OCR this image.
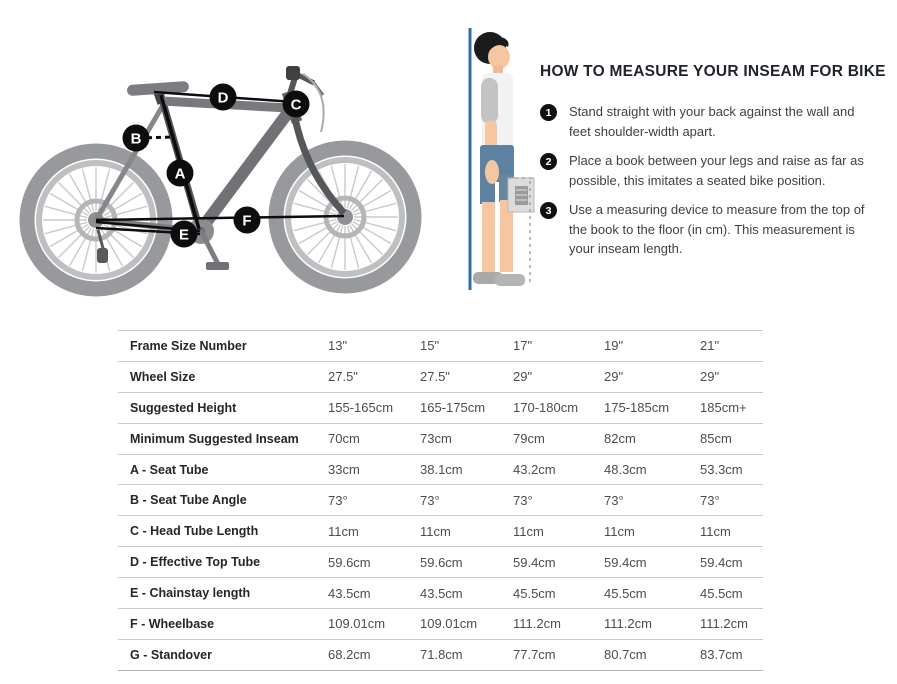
A
B
C
D
E
F
HOW TO MEASURE YOUR INSEAM FOR BIKE
1	Stand straight with your back against the wall and feet shoulder-width apart.
2	Place a book between your legs and raise as far as possible, this imitates a seated bike position.
3	Use a measuring device to measure from the top of the book to the floor (in cm). This measurement is your inseam length.
Frame Size Number	13"	15"	17"	19"	21"
Wheel Size	27.5"	27.5"	29"	29"	29"
Suggested Height	155-165cm	165-175cm	170-180cm	175-185cm	185cm+
Minimum Suggested Inseam	70cm	73cm	79cm	82cm	85cm
A - Seat Tube	33cm	38.1cm	43.2cm	48.3cm	53.3cm
B - Seat Tube Angle	73°	73°	73°	73°	73°
C - Head Tube Length	11cm	11cm	11cm	11cm	11cm
D - Effective Top Tube	59.6cm	59.6cm	59.4cm	59.4cm	59.4cm
E - Chainstay length	43.5cm	43.5cm	45.5cm	45.5cm	45.5cm
F - Wheelbase	109.01cm	109.01cm	111.2cm	111.2cm	111.2cm
G - Standover	68.2cm	71.8cm	77.7cm	80.7cm	83.7cm
